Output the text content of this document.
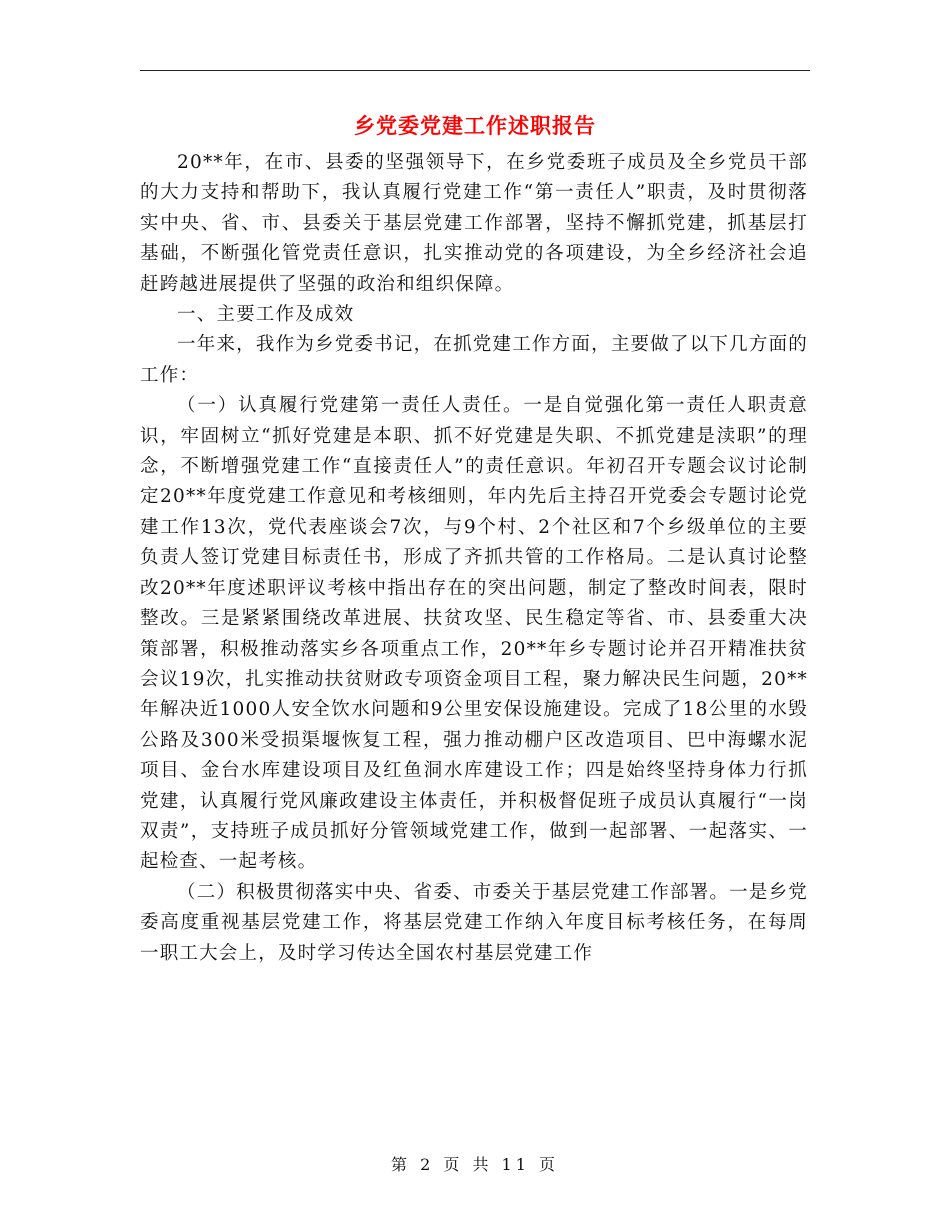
乡党委党建工作述职报告

20**年，在市、县委的坚强领导下，在乡党委班子成员及全乡党员干部的大力支持和帮助下，我认真履行党建工作“第一责任人”职责，及时贯彻落实中央、省、市、县委关于基层党建工作部署，坚持不懈抓党建，抓基层打基础，不断强化管党责任意识，扎实推动党的各项建设，为全乡经济社会追赶跨越进展提供了坚强的政治和组织保障。

一、主要工作及成效

一年来，我作为乡党委书记，在抓党建工作方面，主要做了以下几方面的工作：

（一）认真履行党建第一责任人责任。一是自觉强化第一责任人职责意识，牢固树立“抓好党建是本职、抓不好党建是失职、不抓党建是渎职”的理念，不断增强党建工作“直接责任人”的责任意识。年初召开专题会议讨论制定20**年度党建工作意见和考核细则，年内先后主持召开党委会专题讨论党建工作13次，党代表座谈会7次，与9个村、2个社区和7个乡级单位的主要负责人签订党建目标责任书，形成了齐抓共管的工作格局。二是认真讨论整改20**年度述职评议考核中指出存在的突出问题，制定了整改时间表，限时整改。三是紧紧围绕改革进展、扶贫攻坚、民生稳定等省、市、县委重大决策部署，积极推动落实乡各项重点工作，20**年乡专题讨论并召开精准扶贫会议19次，扎实推动扶贫财政专项资金项目工程，聚力解决民生问题，20**年解决近1000人安全饮水问题和9公里安保设施建设。完成了18公里的水毁公路及300米受损渠堰恢复工程，强力推动棚户区改造项目、巴中海螺水泥项目、金台水库建设项目及红鱼洞水库建设工作；四是始终坚持身体力行抓党建，认真履行党风廉政建设主体责任，并积极督促班子成员认真履行“一岗双责”，支持班子成员抓好分管领域党建工作，做到一起部署、一起落实、一起检查、一起考核。

（二）积极贯彻落实中央、省委、市委关于基层党建工作部署。一是乡党委高度重视基层党建工作，将基层党建工作纳入年度目标考核任务，在每周一职工大会上，及时学习传达全国农村基层党建工作

第 2 页 共 11 页
